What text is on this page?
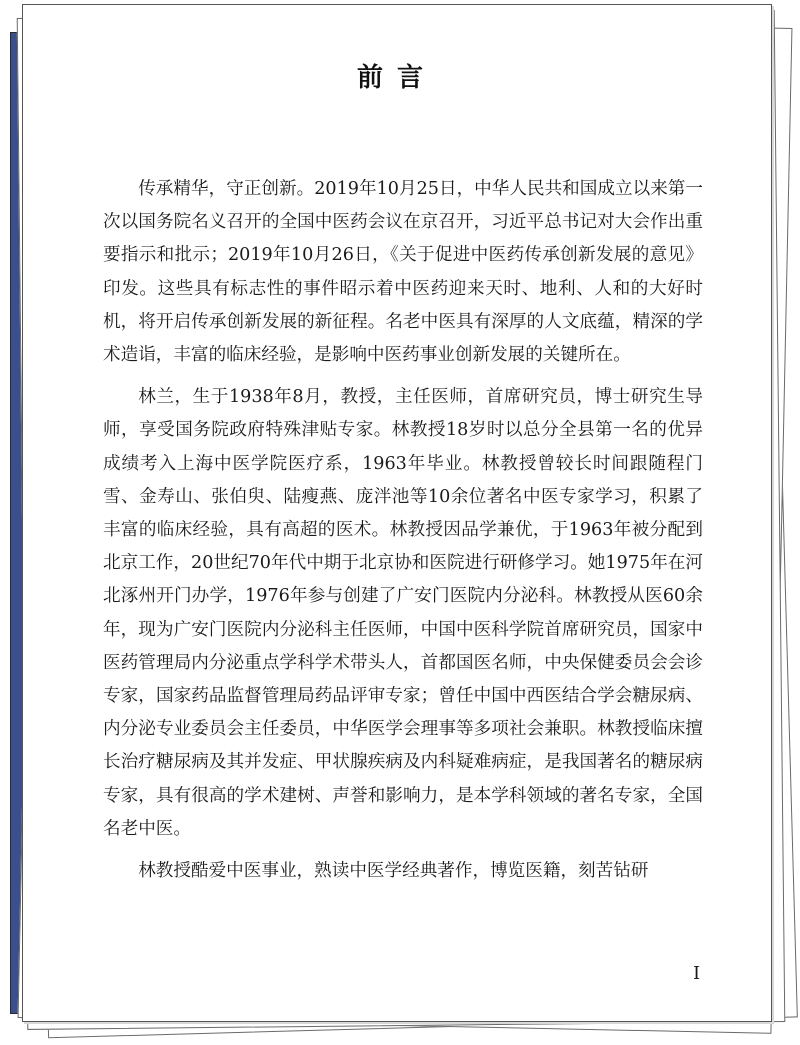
前言

传承精华，守正创新。2019年10月25日，中华人民共和国成立以来第一次以国务院名义召开的全国中医药会议在京召开，习近平总书记对大会作出重要指示和批示；2019年10月26日，《关于促进中医药传承创新发展的意见》印发。这些具有标志性的事件昭示着中医药迎来天时、地利、人和的大好时机，将开启传承创新发展的新征程。名老中医具有深厚的人文底蕴，精深的学术造诣，丰富的临床经验，是影响中医药事业创新发展的关键所在。

林兰，生于1938年8月，教授，主任医师，首席研究员，博士研究生导师，享受国务院政府特殊津贴专家。林教授18岁时以总分全县第一名的优异成绩考入上海中医学院医疗系，1963年毕业。林教授曾较长时间跟随程门雪、金寿山、张伯臾、陆瘦燕、庞泮池等10余位著名中医专家学习，积累了丰富的临床经验，具有高超的医术。林教授因品学兼优，于1963年被分配到北京工作，20世纪70年代中期于北京协和医院进行研修学习。她1975年在河北涿州开门办学，1976年参与创建了广安门医院内分泌科。林教授从医60余年，现为广安门医院内分泌科主任医师，中国中医科学院首席研究员，国家中医药管理局内分泌重点学科学术带头人，首都国医名师，中央保健委员会会诊专家，国家药品监督管理局药品评审专家；曾任中国中西医结合学会糖尿病、内分泌专业委员会主任委员，中华医学会理事等多项社会兼职。林教授临床擅长治疗糖尿病及其并发症、甲状腺疾病及内科疑难病症，是我国著名的糖尿病专家，具有很高的学术建树、声誉和影响力，是本学科领域的著名专家，全国名老中医。

林教授酷爱中医事业，熟读中医学经典著作，博览医籍，刻苦钻研

I
